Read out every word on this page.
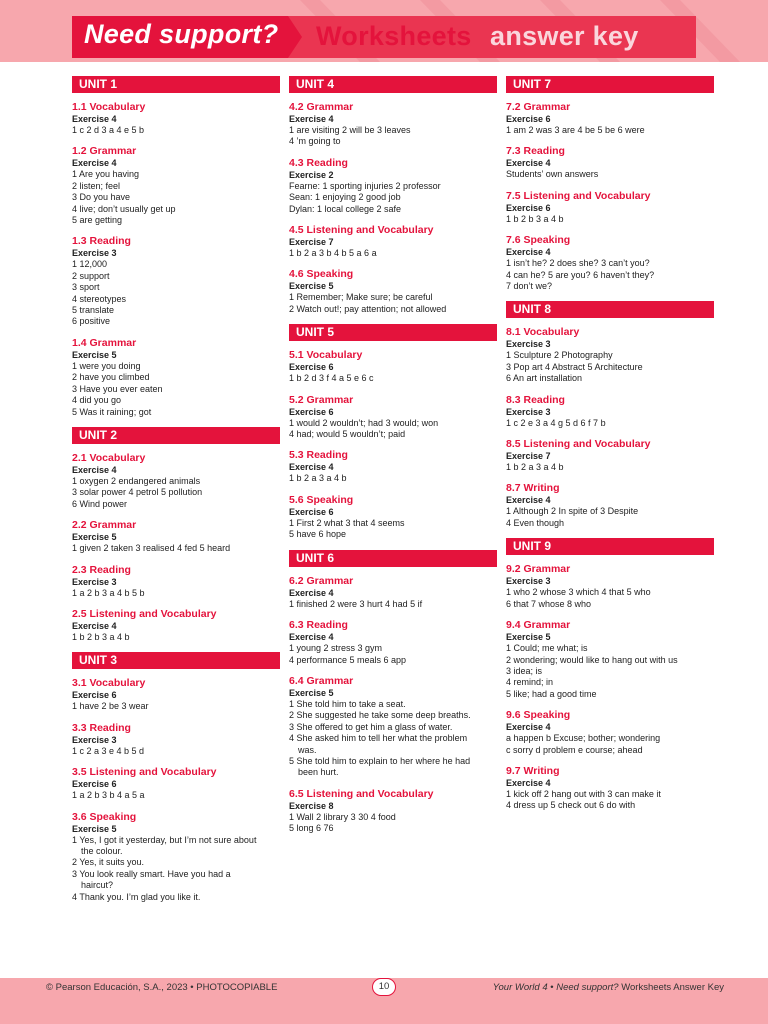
Need support? Worksheets answer key
UNIT 1
1.1 Vocabulary
Exercise 4
1 c 2 d 3 a 4 e 5 b
1.2 Grammar
Exercise 4
1 Are you having
2 listen; feel
3 Do you have
4 live; don’t usually get up
5 are getting
1.3 Reading
Exercise 3
1 12,000
2 support
3 sport
4 stereotypes
5 translate
6 positive
1.4 Grammar
Exercise 5
1 were you doing
2 have you climbed
3 Have you ever eaten
4 did you go
5 Was it raining; got
UNIT 2
2.1 Vocabulary
Exercise 4
1 oxygen 2 endangered animals
3 solar power 4 petrol 5 pollution
6 Wind power
2.2 Grammar
Exercise 5
1 given 2 taken 3 realised 4 fed 5 heard
2.3 Reading
Exercise 3
1 a 2 b 3 a 4 b 5 b
2.5 Listening and Vocabulary
Exercise 4
1 b 2 b 3 a 4 b
UNIT 3
3.1 Vocabulary
Exercise 6
1 have 2 be 3 wear
3.3 Reading
Exercise 3
1 c 2 a 3 e 4 b 5 d
3.5 Listening and Vocabulary
Exercise 6
1 a 2 b 3 b 4 a 5 a
3.6 Speaking
Exercise 5
1 Yes, I got it yesterday, but I’m not sure about
the colour.
2 Yes, it suits you.
3 You look really smart. Have you had a
haircut?
4 Thank you. I’m glad you like it.
UNIT 4
4.2 Grammar
Exercise 4
1 are visiting 2 will be 3 leaves
4 ’m going to
4.3 Reading
Exercise 2
Fearne: 1 sporting injuries 2 professor
Sean: 1 enjoying 2 good job
Dylan: 1 local college 2 safe
4.5 Listening and Vocabulary
Exercise 7
1 b 2 a 3 b 4 b 5 a 6 a
4.6 Speaking
Exercise 5
1 Remember; Make sure; be careful
2 Watch out!; pay attention; not allowed
UNIT 5
5.1 Vocabulary
Exercise 6
1 b 2 d 3 f 4 a 5 e 6 c
5.2 Grammar
Exercise 6
1 would 2 wouldn’t; had 3 would; won
4 had; would 5 wouldn’t; paid
5.3 Reading
Exercise 4
1 b 2 a 3 a 4 b
5.6 Speaking
Exercise 6
1 First 2 what 3 that 4 seems
5 have 6 hope
UNIT 6
6.2 Grammar
Exercise 4
1 finished 2 were 3 hurt 4 had 5 if
6.3 Reading
Exercise 4
1 young 2 stress 3 gym
4 performance 5 meals 6 app
6.4 Grammar
Exercise 5
1 She told him to take a seat.
2 She suggested he take some deep breaths.
3 She offered to get him a glass of water.
4 She asked him to tell her what the problem
was.
5 She told him to explain to her where he had
been hurt.
6.5 Listening and Vocabulary
Exercise 8
1 Wall 2 library 3 30 4 food
5 long 6 76
UNIT 7
7.2 Grammar
Exercise 6
1 am 2 was 3 are 4 be 5 be 6 were
7.3 Reading
Exercise 4
Students’ own answers
7.5 Listening and Vocabulary
Exercise 6
1 b 2 b 3 a 4 b
7.6 Speaking
Exercise 4
1 isn’t he? 2 does she? 3 can’t you?
4 can he? 5 are you? 6 haven’t they?
7 don’t we?
UNIT 8
8.1 Vocabulary
Exercise 3
1 Sculpture 2 Photography
3 Pop art 4 Abstract 5 Architecture
6 An art installation
8.3 Reading
Exercise 3
1 c 2 e 3 a 4 g 5 d 6 f 7 b
8.5 Listening and Vocabulary
Exercise 7
1 b 2 a 3 a 4 b
8.7 Writing
Exercise 4
1 Although 2 In spite of 3 Despite
4 Even though
UNIT 9
9.2 Grammar
Exercise 3
1 who 2 whose 3 which 4 that 5 who
6 that 7 whose 8 who
9.4 Grammar
Exercise 5
1 Could; me what; is
2 wondering; would like to hang out with us
3 idea; is
4 remind; in
5 like; had a good time
9.6 Speaking
Exercise 4
a happen b Excuse; bother; wondering
c sorry d problem e course; ahead
9.7 Writing
Exercise 4
1 kick off 2 hang out with 3 can make it
4 dress up 5 check out 6 do with
© Pearson Educación, S.A., 2023 • PHOTOCOPIABLE	10	Your World 4 • Need support? Worksheets Answer Key
